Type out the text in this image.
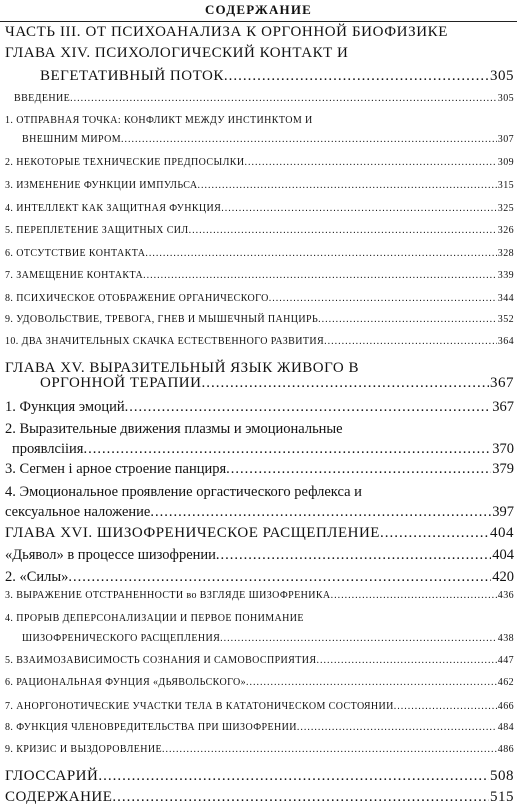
СОДЕРЖАНИЕ
ЧАСТЬ III. ОТ ПСИХОАНАЛИЗА К ОРГОННОЙ БИОФИЗИКЕ
ГЛАВА XIV. ПСИХОЛОГИЧЕСКИЙ КОНТАКТ И
ВЕГЕТАТИВНЫЙ ПОТОК .....	305
ВВЕДЕНИЕ .....	305
1. ОТПРАВНАЯ ТОЧКА: КОНФЛИКТ МЕЖДУ ИНСТИНКТОМ И
ВНЕШНИМ МИРОМ .....	307
2. НЕКОТОРЫЕ ТЕХНИЧЕСКИЕ ПРЕДПОСЫЛКИ .....	309
3. ИЗМЕНЕНИЕ ФУНКЦИИ ИМПУЛЬСА .....	315
4. ИНТЕЛЛЕКТ КАК ЗАЩИТНАЯ ФУНКЦИЯ .....	325
5. ПЕРЕПЛЕТЕНИЕ ЗАЩИТНЫХ СИЛ .....	326
6. ОТСУТСТВИЕ КОНТАКТА .....	328
7. ЗАМЕЩЕНИЕ КОНТАКТА .....	339
8. ПСИХИЧЕСКОЕ ОТОБРАЖЕНИЕ ОРГАНИЧЕСКОГО .....	344
9. УДОВОЛЬСТВИЕ, ТРЕВОГА, ГНЕВ И МЫШЕЧНЫЙ ПАНЦИРЬ .....	352
10. ДВА ЗНАЧИТЕЛЬНЫХ СКАЧКА ЕСТЕСТВЕННОГО РАЗВИТИЯ .....	364
ГЛАВА XV. ВЫРАЗИТЕЛЬНЫЙ ЯЗЫК ЖИВОГО В
ОРГОННОЙ ТЕРАПИИ .....	367
1. Функция эмоций .....	367
2. Выразительные движения плазмы и эмоциональные
проявлсiiия .....	370
3. Сегмен і арное строение панциря .....	379
4. Эмоциональное проявление оргастического рефлекса и
сексуальное наложение .....	397
ГЛАВА XVI. ШИЗОФРЕНИЧЕСКОЕ РАСЩЕПЛЕНИЕ .....	404
«Дьявол» в процессе шизофрении .....	404
2. «Силы» .....	420
3. ВЫРАЖЕНИЕ ОТСТРАНЕННОСТИ во ВЗГЛЯДЕ ШИЗОФРЕНИКА .....	436
4. ПРОРЫВ ДЕПЕРСОНАЛИЗАЦИИ И ПЕРВОЕ ПОНИМАНИЕ
ШИЗОФРЕНИЧЕСКОГО РАСЩЕПЛЕНИЯ .....	438
5. ВЗАИМОЗАВИСИМОСТЬ СОЗНАНИЯ И САМОВОСПРИЯТИЯ .....	447
6. РАЦИОНАЛЬНАЯ ФУНЦИЯ «ДЬЯВОЛЬСКОГО» .....	462
7. АНОРГОНОТИЧЕСКИЕ УЧАСТКИ ТЕЛА В КАТАТОНИЧЕСКОМ СОСТОЯНИИ .....	466
8. ФУНКЦИЯ ЧЛЕНОВРЕДИТЕЛЬСТВА ПРИ ШИЗОФРЕНИИ .....	484
9. КРИЗИС И ВЫЗДОРОВЛЕНИЕ .....	486
ГЛОССАРИЙ .....	508
СОДЕРЖАНИЕ .....	515
